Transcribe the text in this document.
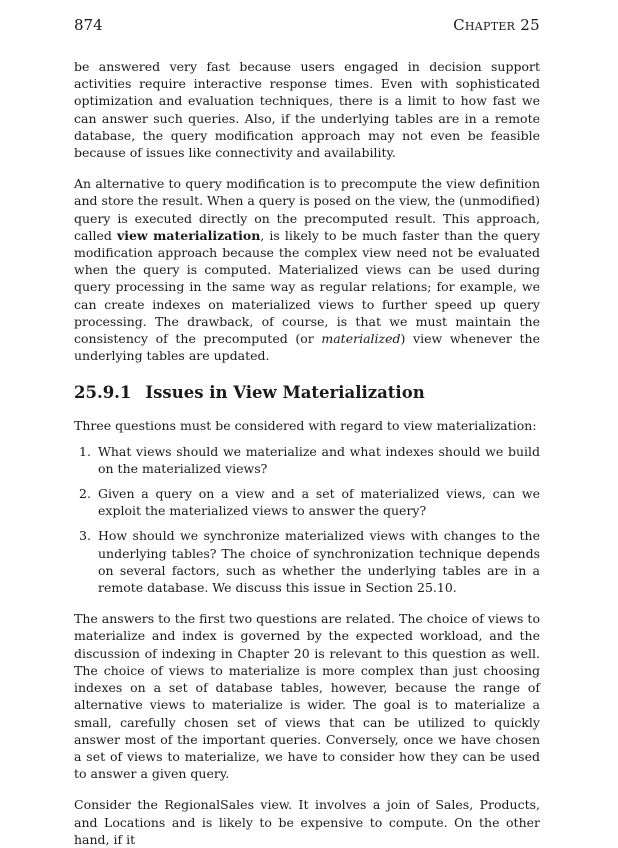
874	Chapter 25

be answered very fast because users engaged in decision support activities require interactive response times. Even with sophisticated optimization and evaluation techniques, there is a limit to how fast we can answer such queries. Also, if the underlying tables are in a remote database, the query modification approach may not even be feasible because of issues like connectivity and availability.

An alternative to query modification is to precompute the view definition and store the result. When a query is posed on the view, the (unmodified) query is executed directly on the precomputed result. This approach, called view materialization, is likely to be much faster than the query modification approach because the complex view need not be evaluated when the query is computed. Materialized views can be used during query processing in the same way as regular relations; for example, we can create indexes on materialized views to further speed up query processing. The drawback, of course, is that we must maintain the consistency of the precomputed (or materialized) view whenever the underlying tables are updated.

25.9.1 Issues in View Materialization

Three questions must be considered with regard to view materialization:

1. What views should we materialize and what indexes should we build on the materialized views?
2. Given a query on a view and a set of materialized views, can we exploit the materialized views to answer the query?
3. How should we synchronize materialized views with changes to the underlying tables? The choice of synchronization technique depends on several factors, such as whether the underlying tables are in a remote database. We discuss this issue in Section 25.10.

The answers to the first two questions are related. The choice of views to materialize and index is governed by the expected workload, and the discussion of indexing in Chapter 20 is relevant to this question as well. The choice of views to materialize is more complex than just choosing indexes on a set of database tables, however, because the range of alternative views to materialize is wider. The goal is to materialize a small, carefully chosen set of views that can be utilized to quickly answer most of the important queries. Conversely, once we have chosen a set of views to materialize, we have to consider how they can be used to answer a given query.

Consider the RegionalSales view. It involves a join of Sales, Products, and Locations and is likely to be expensive to compute. On the other hand, if it
